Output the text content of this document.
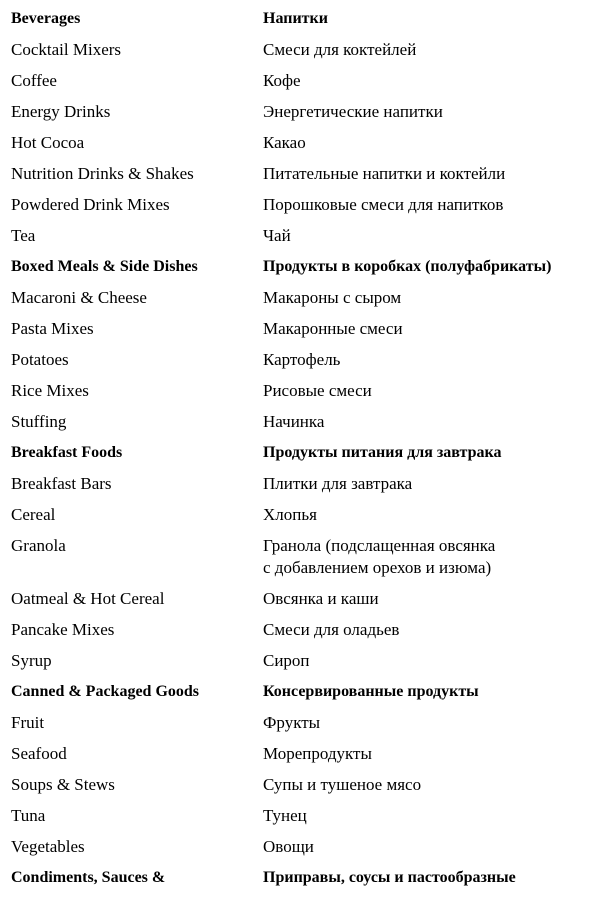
Beverages	Напитки
Cocktail Mixers	Смеси для коктейлей
Coffee	Кофе
Energy Drinks	Энергетические напитки
Hot Cocoa	Какао
Nutrition Drinks & Shakes	Питательные напитки и коктейли
Powdered Drink Mixes	Порошковые смеси для напитков
Tea	Чай
Boxed Meals & Side Dishes	Продукты в коробках (полуфабрикаты)
Macaroni & Cheese	Макароны с сыром
Pasta Mixes	Макаронные смеси
Potatoes	Картофель
Rice Mixes	Рисовые смеси
Stuffing	Начинка
Breakfast Foods	Продукты питания для завтрака
Breakfast Bars	Плитки для завтрака
Cereal	Хлопья
Granola	Гранола (подслащенная овсянка
с добавлением орехов и изюма)
Oatmeal & Hot Cereal	Овсянка и каши
Pancake Mixes	Смеси для оладьев
Syrup	Сироп
Canned & Packaged Goods	Консервированные продукты
Fruit	Фрукты
Seafood	Морепродукты
Soups & Stews	Супы и тушеное мясо
Tuna	Тунец
Vegetables	Овощи
Condiments, Sauces &	Приправы, соусы и пастообразные
